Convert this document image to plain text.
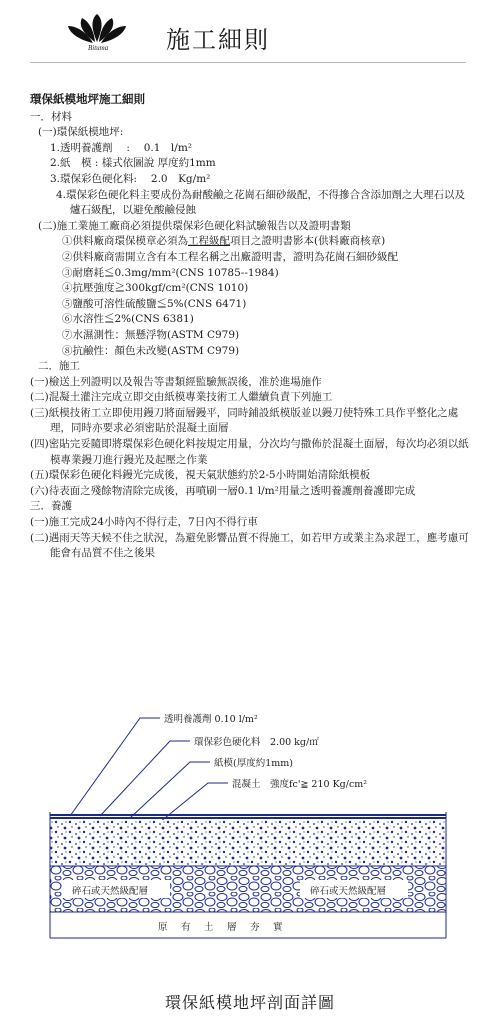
Bituma 施工細則

環保紙模地坪施工細則

一．材料

(一)環保紙模地坪:

1.透明養護劑　 :　 0.1　l/m²

2.紙　模 : 樣式依圖說 厚度約1mm

3.環保彩色硬化料:　 2.0　Kg/m²

4.環保彩色硬化料主要成份為耐酸鹼之花崗石細砂級配，不得摻合含添加劑之大理石以及爐石級配，以避免酸鹼侵蝕

(二)施工業施工廠商必須提供環保彩色硬化料試驗報告以及證明書類

①供料廠商環保模章必須為工程級配項目之證明書影本(供料廠商核章)

②供料廠商需開立含有本工程名稱之出廠證明書，證明為花崗石細砂級配

③耐磨耗≦0.3mg/mm²(CNS 10785--1984)

④抗壓強度≧300kgf/cm²(CNS 1010)

⑤鹽酸可溶性硫酸鹽≦5%(CNS 6471)

⑥水溶性≦2%(CNS 6381)

⑦水濕測性：無懸浮物(ASTM C979)

⑧抗鹼性：顏色未改變(ASTM C979)

二．施工

(一)檢送上列證明以及報告等書類經監驗無誤後，准於進場施作

(二)混凝土灌注完成立即交由紙模專業技術工人繼續負責下列施工

(三)紙模技術工立即使用鏝刀將面層鏝平，同時鋪設紙模版並以鏝刀使特殊工具作平整化之處理，同時亦要求必須密貼於混凝土面層

(四)密貼完妥隨即將環保彩色硬化料按規定用量，分次均勻撒佈於混凝土面層，每次均必須以紙模專業鏝刀進行鏝光及起壓之作業

(五)環保彩色硬化料鏝光完成後，視天氣狀態約於2-5小時開始清除紙模板

(六)待表面之殘餘物清除完成後，再噴刷一層0.1 l/m²用量之透明養護劑養護即完成

三．養護

(一)施工完成24小時內不得行走，7日內不得行車

(二)遇雨天等天候不佳之狀況，為避免影響品質不得施工，如若甲方或業主為求趕工，應考慮可能會有品質不佳之後果

透明養護劑 0.10 l/m²
環保彩色硬化料　2.00 kg/㎡
紙模(厚度約1mm)
混凝土　強度fc'≧ 210 Kg/cm²
碎石或天然級配層	碎石或天然級配層
原　有　土　層　夯　實
環保紙模地坪剖面詳圖
